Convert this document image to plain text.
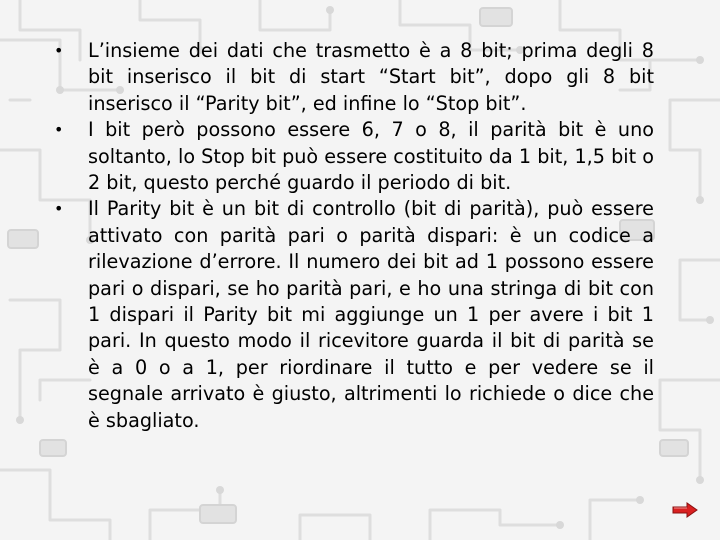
•	L’insieme dei dati che trasmetto è a 8 bit; prima degli 8 bit inserisco il bit di start “Start bit”, dopo gli 8 bit inserisco il “Parity bit”, ed infine lo “Stop bit”.
•	I bit però possono essere 6, 7 o 8, il parità bit è uno soltanto, lo Stop bit può essere costituito da 1 bit, 1,5 bit o 2 bit, questo perché guardo il periodo di bit.
•	Il Parity bit è un bit di controllo (bit di parità), può essere attivato con parità pari o parità dispari: è un codice a rilevazione d’errore. Il numero dei bit ad 1 possono essere pari o dispari, se ho parità pari, e ho una stringa di bit con 1 dispari il Parity bit mi aggiunge un 1 per avere i bit 1 pari. In questo modo il ricevitore guarda il bit di parità se è a 0 o a 1, per riordinare il tutto e per vedere se il segnale arrivato è giusto, altrimenti lo richiede o dice che è sbagliato.
